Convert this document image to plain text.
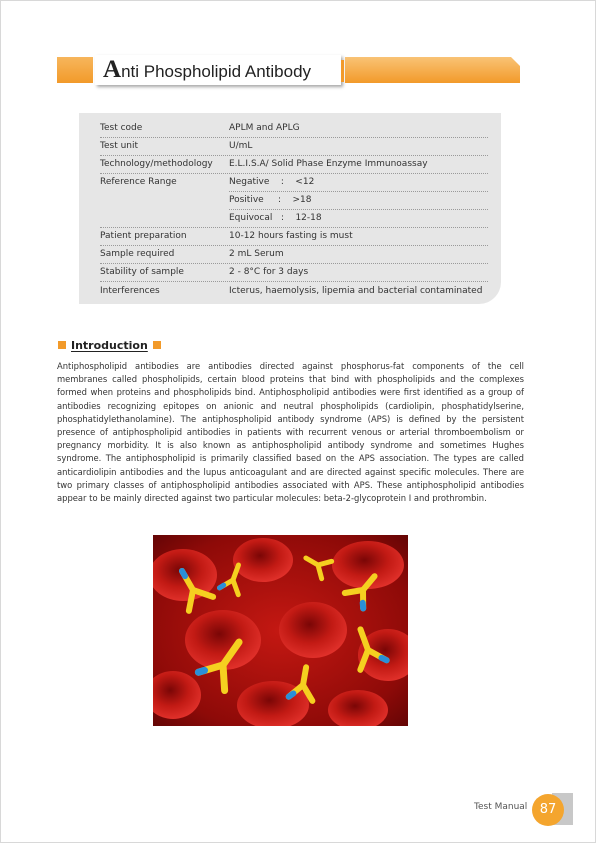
Anti Phospholipid Antibody
Test code	APLM and APLG
Test unit	U/mL
Technology/methodology E.L.I.S.A/ Solid Phase Enzyme Immunoassay
Reference Range	Negative    :    <12
Positive     :    >18
Equivocal   :    12-18
Patient preparation	10-12 hours fasting is must
Sample required	2 mL Serum
Stability of sample	2 - 8°C for 3 days
Interferences	Icterus, haemolysis, lipemia and bacterial contaminated
Introduction
Antiphospholipid antibodies are antibodies directed against phosphorus-fat components of the cell membranes called phospholipids, certain blood proteins that bind with phospholipids and the complexes formed when proteins and phospholipids bind. Antiphospholipid antibodies were first identified as a group of antibodies recognizing epitopes on anionic and neutral phospholipids (cardiolipin, phosphatidylserine, phosphatidylethanolamine). The antiphospholipid antibody syndrome (APS) is defined by the persistent presence of antiphospholipid antibodies in patients with recurrent venous or arterial thromboembolism or pregnancy morbidity. It is also known as antiphospholipid antibody syndrome and sometimes Hughes syndrome. The antiphospholipid is primarily classified based on the APS association. The types are called anticardiolipin antibodies and the lupus anticoagulant and are directed against specific molecules. There are two primary classes of antiphospholipid antibodies associated with APS. These antiphospholipid antibodies appear to be mainly directed against two particular molecules: beta-2-glycoprotein I and prothrombin.
Test Manual 87
